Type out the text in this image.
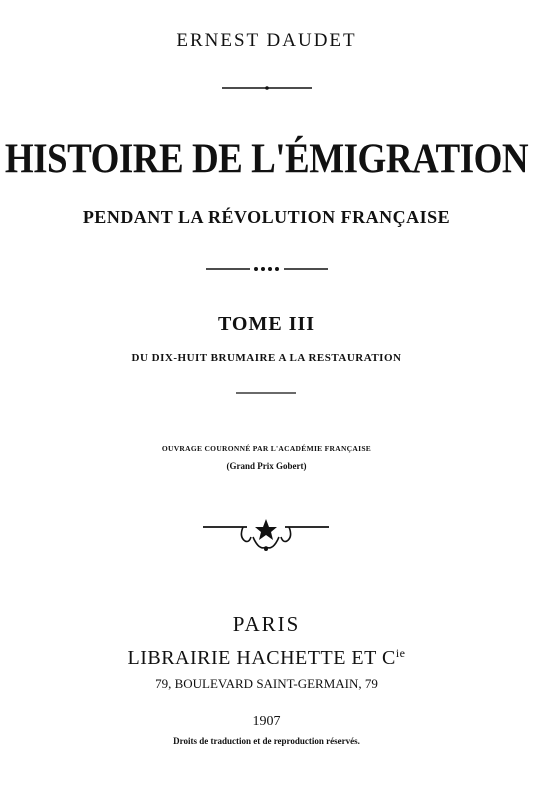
ERNEST DAUDET
HISTOIRE DE L'ÉMIGRATION
PENDANT LA RÉVOLUTION FRANÇAISE
TOME III
DU DIX-HUIT BRUMAIRE A LA RESTAURATION
OUVRAGE COURONNÉ PAR L'ACADÉMIE FRANÇAISE
(Grand Prix Gobert)
PARIS
LIBRAIRIE HACHETTE ET $C^{ie}$
79, BOULEVARD SAINT-GERMAIN, 79
1907
Droits de traduction et de reproduction réservés.
